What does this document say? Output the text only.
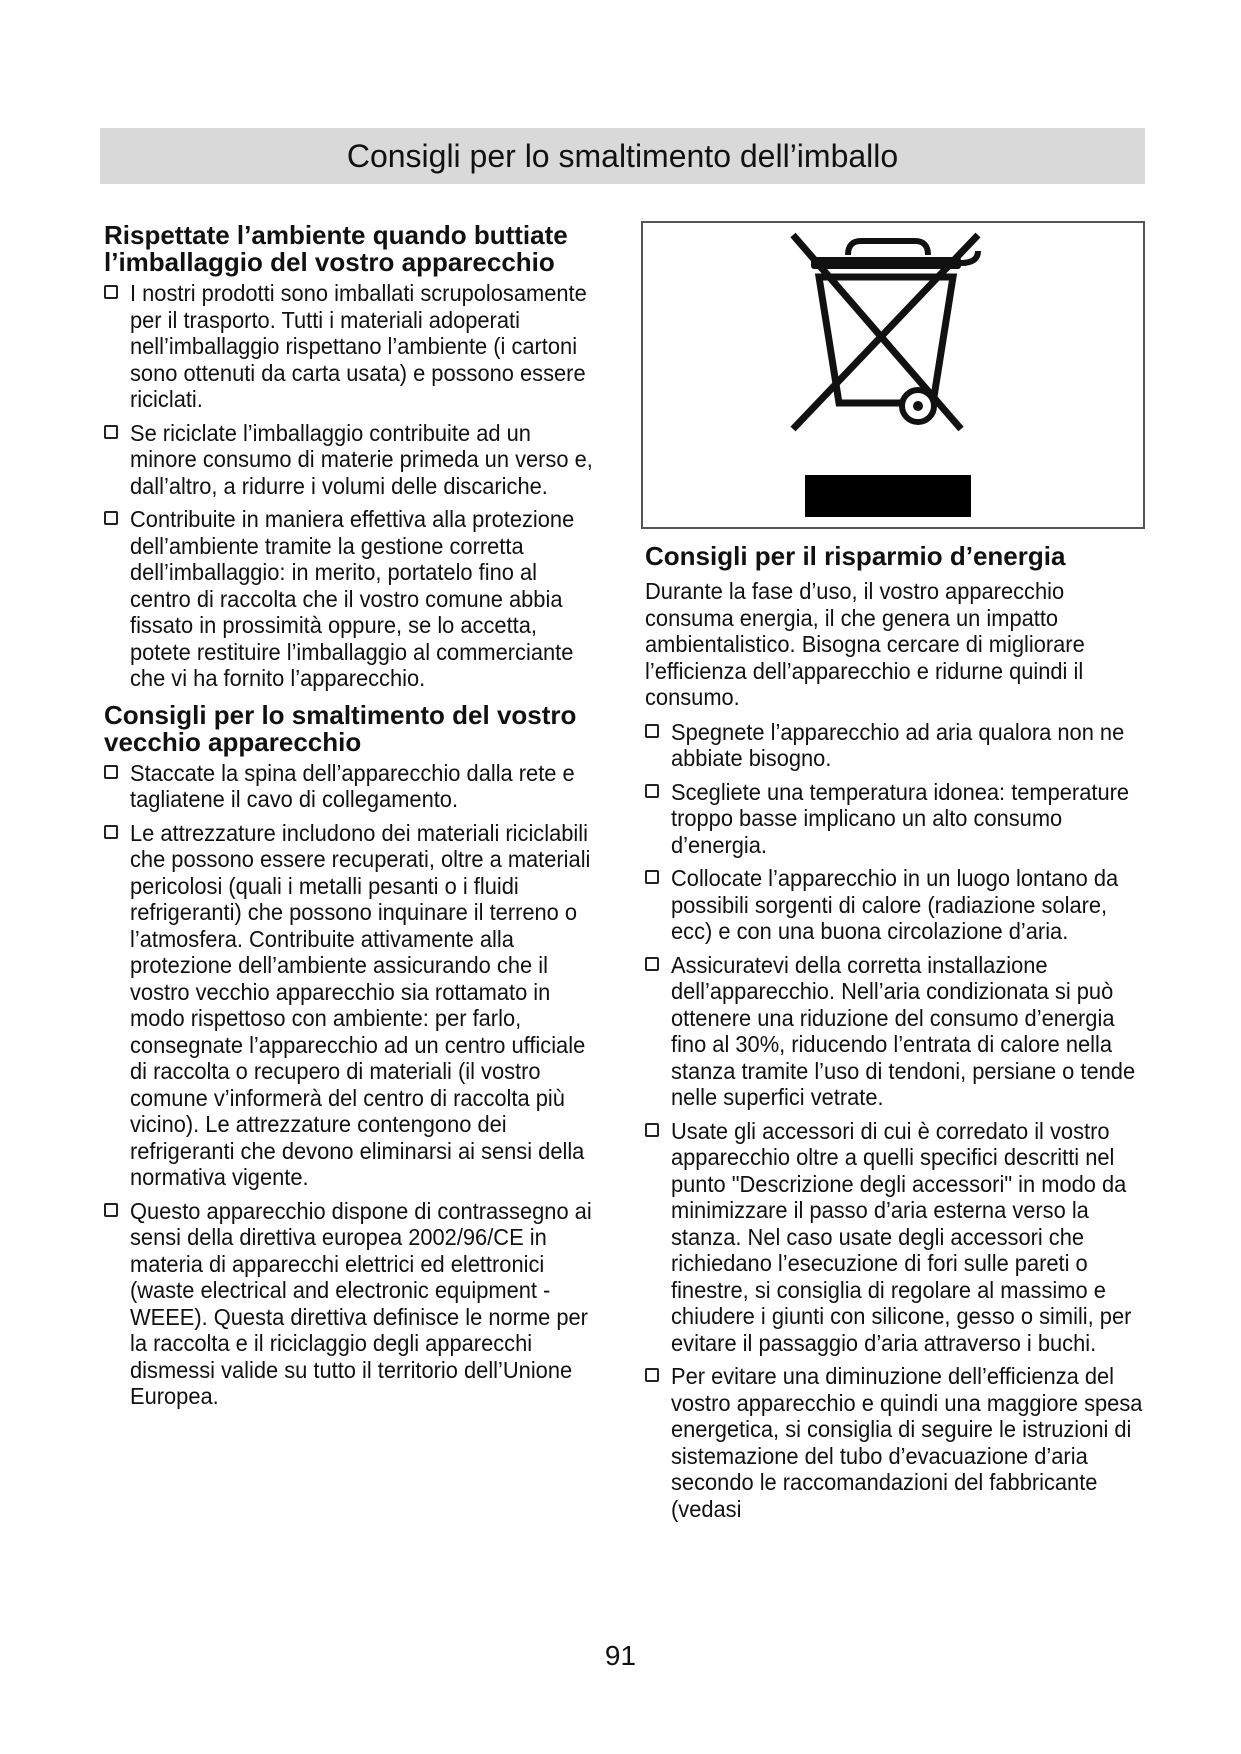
Consigli per lo smaltimento dell’imballo
Rispettate l’ambiente quando buttiate l’imballaggio del vostro apparecchio
I nostri prodotti sono imballati scrupolosamente per il trasporto. Tutti i materiali adoperati nell’imballaggio rispettano l’ambiente (i cartoni sono ottenuti da carta usata) e possono essere riciclati.
Se riciclate l’imballaggio contribuite ad un minore consumo di materie primeda un verso e, dall’altro, a ridurre i volumi delle discariche.
Contribuite in maniera effettiva alla protezione dell’ambiente tramite la gestione corretta dell’imballaggio: in merito, portatelo fino al centro di raccolta che il vostro comune abbia fissato in prossimità oppure, se lo accetta, potete restituire l’imballaggio al commerciante che vi ha fornito l’apparecchio.
Consigli per lo smaltimento del vostro vecchio apparecchio
Staccate la spina dell’apparecchio dalla rete e tagliatene il cavo di collegamento.
Le attrezzature includono dei materiali riciclabili che possono essere recuperati, oltre a materiali pericolosi (quali i metalli pesanti o i fluidi refrigeranti) che possono inquinare il terreno o l’atmosfera. Contribuite attivamente alla protezione dell’ambiente assicurando che il vostro vecchio apparecchio sia rottamato in modo rispettoso con ambiente: per farlo, consegnate l’apparecchio ad un centro ufficiale di raccolta o recupero di materiali (il vostro comune v’informerà del centro di raccolta più vicino). Le attrezzature contengono dei refrigeranti che devono eliminarsi ai sensi della normativa vigente.
Questo apparecchio dispone di contrassegno ai sensi della direttiva europea 2002/96/CE in materia di apparecchi elettrici ed elettronici (waste electrical and electronic equipment - WEEE). Questa direttiva definisce le norme per la raccolta e il riciclaggio degli apparecchi dismessi valide su tutto il territorio dell’Unione Europea.
Consigli per il risparmio d’energia

Durante la fase d’uso, il vostro apparecchio consuma energia, il che genera un impatto ambientalistico. Bisogna cercare di migliorare l’efficienza dell’apparecchio e ridurne quindi il consumo.

Spegnete l’apparecchio ad aria qualora non ne abbiate bisogno.
Scegliete una temperatura idonea: temperature troppo basse implicano un alto consumo d’energia.
Collocate l’apparecchio in un luogo lontano da possibili sorgenti di calore (radiazione solare, ecc) e con una buona circolazione d’aria.
Assicuratevi della corretta installazione dell’apparecchio. Nell’aria condizionata si può ottenere una riduzione del consumo d’energia fino al 30%, riducendo l’entrata di calore nella stanza tramite l’uso di tendoni, persiane o tende nelle superfici vetrate.
Usate gli accessori di cui è corredato il vostro apparecchio oltre a quelli specifici descritti nel punto "Descrizione degli accessori" in modo da minimizzare il passo d’aria esterna verso la stanza. Nel caso usate degli accessori che richiedano l’esecuzione di fori sulle pareti o finestre, si consiglia di regolare al massimo e chiudere i giunti con silicone, gesso o simili, per evitare il passaggio d’aria attraverso i buchi.
Per evitare una diminuzione dell’efficienza del vostro apparecchio e quindi una maggiore spesa energetica, si consiglia di seguire le istruzioni di sistemazione del tubo d’evacuazione d’aria secondo le raccomandazioni del fabbricante (vedasi
91
